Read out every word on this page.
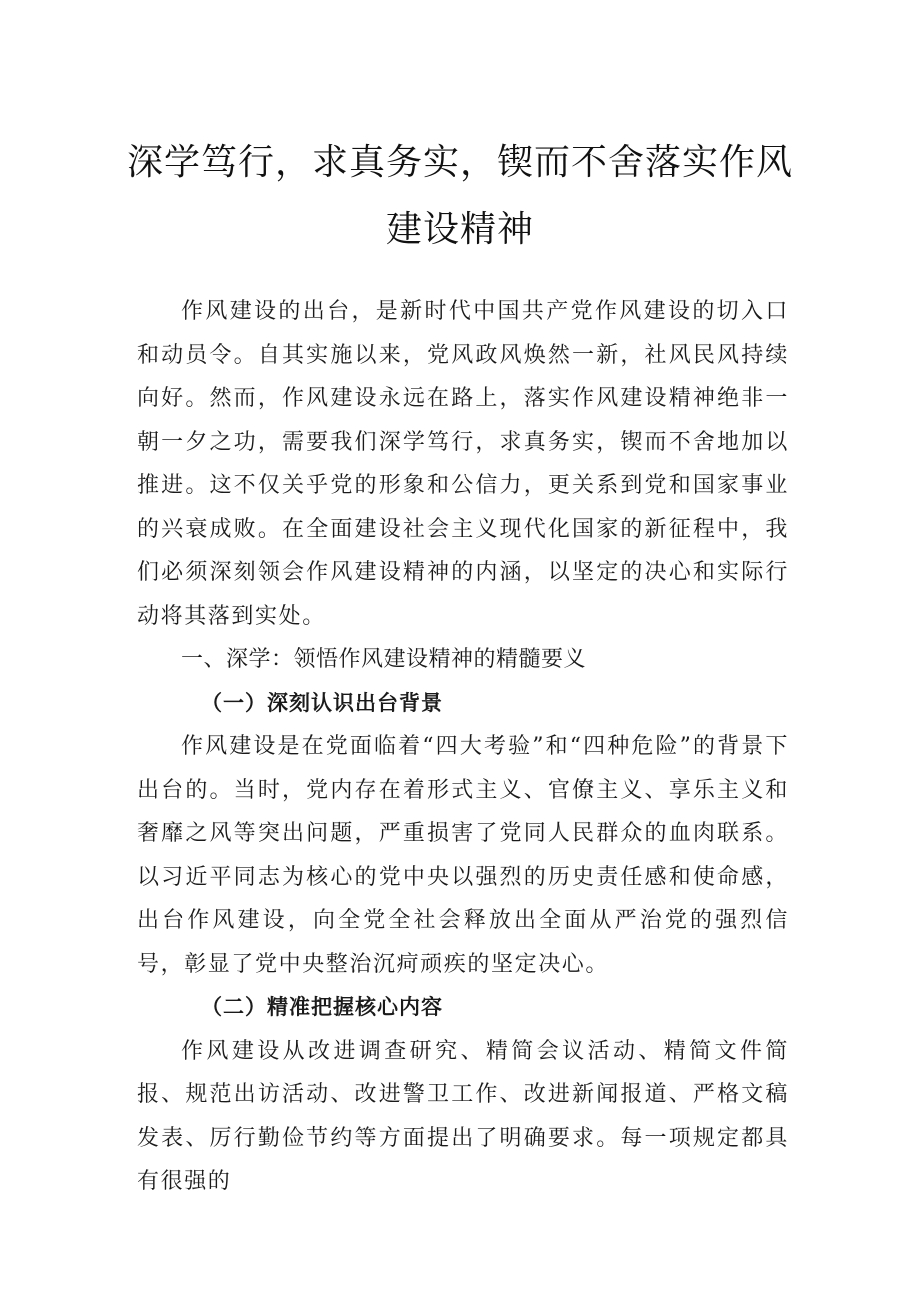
深学笃行，求真务实，锲而不舍落实作风
建设精神

作风建设的出台，是新时代中国共产党作风建设的切入口和动员令。自其实施以来，党风政风焕然一新，社风民风持续向好。然而，作风建设永远在路上，落实作风建设精神绝非一朝一夕之功，需要我们深学笃行，求真务实，锲而不舍地加以推进。这不仅关乎党的形象和公信力，更关系到党和国家事业的兴衰成败。在全面建设社会主义现代化国家的新征程中，我们必须深刻领会作风建设精神的内涵，以坚定的决心和实际行动将其落到实处。

一、深学：领悟作风建设精神的精髓要义
（一）深刻认识出台背景

作风建设是在党面临着“四大考验”和“四种危险”的背景下出台的。当时，党内存在着形式主义、官僚主义、享乐主义和奢靡之风等突出问题，严重损害了党同人民群众的血肉联系。以习近平同志为核心的党中央以强烈的历史责任感和使命感，出台作风建设，向全党全社会释放出全面从严治党的强烈信号，彰显了党中央整治沉疴顽疾的坚定决心。

（二）精准把握核心内容

作风建设从改进调查研究、精简会议活动、精简文件简报、规范出访活动、改进警卫工作、改进新闻报道、严格文稿发表、厉行勤俭节约等方面提出了明确要求。每一项规定都具有很强的
